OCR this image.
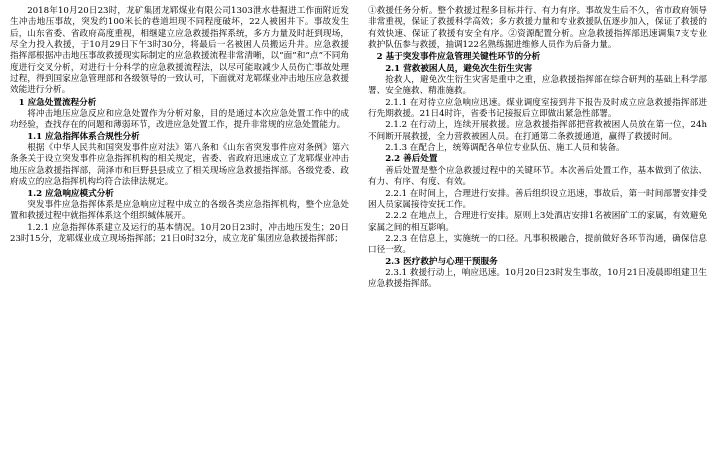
2018年10月20日23时，龙矿集团龙郓煤业有限公司1303泄水巷掘进工作面附近发生冲击地压事故，突发约100米长的巷道坦现不同程度破坏，22人被困井下。事故发生后，山东省委、省政府高度重视，相继建立应急救援指挥系统，多方力量及时赶到现场，尽全力投入救援，于10月29日下午3时30分，将最后一名被困人员搬运升井。应急救援指挥部根据冲击地压事故救援现实际制定的应急救援流程非常清晰，以“面”和“点”不同角度进行交叉分析，对进行十分科学的应急救援流程法，以尽可能取减少人员伤亡事故处理过程，得到国家应急管理部和各级领导的一致认可，下面就对龙郓煤业冲击地压应急救援效能进行分析。

1 应急处置流程分析

将冲击地压应急反应和应急处置作为分析对象，目的是通过本次应急处置工作中的成功经验，查找存在的问题和薄弱环节，改进应急处置工作，提升非常规的应急处置能力。

1.1 应急指挥体系合规性分析

根据《中华人民共和国突发事件应对法》第八条和《山东省突发事件应对条例》第六条条关于设立突发事件应急指挥机构的相关规定，省委、省政府迅速成立了龙郓煤业冲击地压应急救援指挥部，菏泽市和巨野县县成立了相关现场应急救援指挥部。各级党委、政府成立的应急指挥机构均符合法律法规定。

1.2 应急响应模式分析

突发事件应急指挥体系是应急响应过程中成立的各级各类应急指挥机构，整个应急处置和救援过程中就指挥体系这个组织缄体展开。

1.2.1 应急指挥体系建立及运行的基本情况。10月20日23时，冲击地压发生；20日23时15分，龙郓煤业成立现场指挥部；21日0时32分，成立龙矿集团应急救援指挥部；

①救援任务分析。整个救援过程多目标并行、有力有序。事故发生后不久，省市政府领导非常重视，保证了救援科学高效；多方救援力量和专业救援队伍逐步加入，保证了救援的有效快速、保证了救援有安全有序。②资源配置分析。应急救援指挥部迅速调集7支专业救护队伍参与救援，抽调122名熟练掘进维修人员作为后备力量。

2 基于突发事件应急管理关键性环节的分析

2.1 营救被困人员，避免次生衍生灾害

抢救人，避免次生衍生灾害是重中之重，应急救援指挥部在综合研判的基础上科学部署、安全施救、精准施救。

2.1.1 在对待立应急响应迅速。煤业调度室接到井下报告及时成立应急救援指挥部进行先期救援。21日4时许，省委书记接报后立即做出紧急性部署。

2.1.2 在行动上，连续开展救援。应急救援指挥部把营救被困人员放在第一位，24h不间断开展救援，全力营救被困人员。在打通第二条救援通道，赢得了救援时间。

2.1.3 在配合上，统筹调配各单位专业队伍、施工人员和装备。

2.2 善后处置

善后处置是整个应急救援过程中的关键环节。本次善后处置工作，基本做到了依法、有力、有序、有度、有效。

2.2.1 在时间上，合理进行安排。善后组织设立迅速，事故后，第一时间部署安排受困人员家属接待安抚工作。

2.2.2 在地点上，合理进行安排。原则上3处酒店安排1名被困矿工的家属，有效避免家属之间的相互影响。

2.2.3 在信息上，实施统一的口径。凡事积极融合，提前做好各环节沟通，确保信息口径一致。

2.3 医疗救护与心理干预服务

2.3.1 救援行动上，响应迅速。10月20日23时发生事故，10月21日凌晨即组建卫生应急救援指挥部。
